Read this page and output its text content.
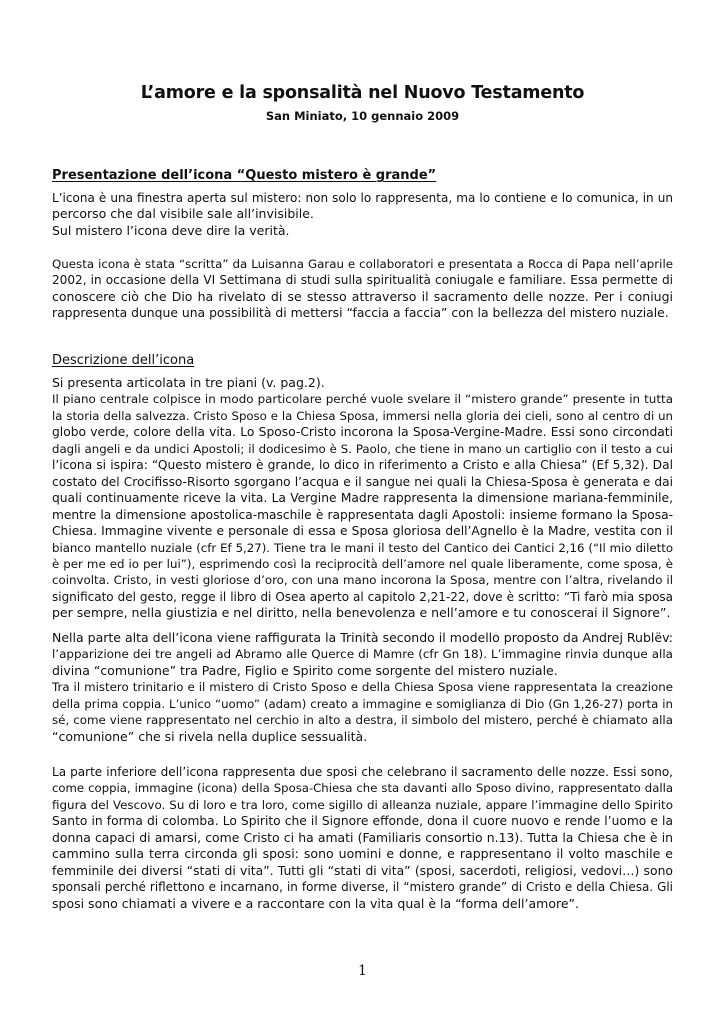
L’amore e la sponsalità nel Nuovo Testamento
San Miniato, 10 gennaio 2009
Presentazione dell’icona “Questo mistero è grande”
L’icona è una finestra aperta sul mistero: non solo lo rappresenta, ma lo contiene e lo comunica, in un
percorso che dal visibile sale all’invisibile.
Sul mistero l’icona deve dire la verità.
Questa icona è stata “scritta” da Luisanna Garau e collaboratori e presentata a Rocca di Papa nell’aprile
2002, in occasione della VI Settimana di studi sulla spiritualità coniugale e familiare. Essa permette di
conoscere ciò che Dio ha rivelato di se stesso attraverso il sacramento delle nozze. Per i coniugi
rappresenta dunque una possibilità di mettersi “faccia a faccia” con la bellezza del mistero nuziale.
Descrizione dell’icona
Si presenta articolata in tre piani (v. pag.2).
Il piano centrale colpisce in modo particolare perché vuole svelare il “mistero grande” presente in tutta
la storia della salvezza. Cristo Sposo e la Chiesa Sposa, immersi nella gloria dei cieli, sono al centro di un
globo verde, colore della vita. Lo Sposo-Cristo incorona la Sposa-Vergine-Madre. Essi sono circondati
dagli angeli e da undici Apostoli; il dodicesimo è S. Paolo, che tiene in mano un cartiglio con il testo a cui
l’icona si ispira: “Questo mistero è grande, lo dico in riferimento a Cristo e alla Chiesa” (Ef 5,32). Dal
costato del Crocifisso-Risorto sgorgano l’acqua e il sangue nei quali la Chiesa-Sposa è generata e dai
quali continuamente riceve la vita. La Vergine Madre rappresenta la dimensione mariana-femminile,
mentre la dimensione apostolica-maschile è rappresentata dagli Apostoli: insieme formano la Sposa-
Chiesa. Immagine vivente e personale di essa e Sposa gloriosa dell’Agnello è la Madre, vestita con il
bianco mantello nuziale (cfr Ef 5,27). Tiene tra le mani il testo del Cantico dei Cantici 2,16 (“Il mio diletto
è per me ed io per lui”), esprimendo così la reciprocità dell’amore nel quale liberamente, come sposa, è
coinvolta. Cristo, in vesti gloriose d’oro, con una mano incorona la Sposa, mentre con l’altra, rivelando il
significato del gesto, regge il libro di Osea aperto al capitolo 2,21-22, dove è scritto: “Ti farò mia sposa
per sempre, nella giustizia e nel diritto, nella benevolenza e nell’amore e tu conoscerai il Signore”.
Nella parte alta dell’icona viene raffigurata la Trinità secondo il modello proposto da Andrej Rublëv:
l’apparizione dei tre angeli ad Abramo alle Querce di Mamre (cfr Gn 18). L’immagine rinvia dunque alla
divina “comunione” tra Padre, Figlio e Spirito come sorgente del mistero nuziale.
Tra il mistero trinitario e il mistero di Cristo Sposo e della Chiesa Sposa viene rappresentata la creazione
della prima coppia. L’unico “uomo” (adam) creato a immagine e somiglianza di Dio (Gn 1,26-27) porta in
sé, come viene rappresentato nel cerchio in alto a destra, il simbolo del mistero, perché è chiamato alla
“comunione” che si rivela nella duplice sessualità.
La parte inferiore dell’icona rappresenta due sposi che celebrano il sacramento delle nozze. Essi sono,
come coppia, immagine (icona) della Sposa-Chiesa che sta davanti allo Sposo divino, rappresentato dalla
figura del Vescovo. Su di loro e tra loro, come sigillo di alleanza nuziale, appare l’immagine dello Spirito
Santo in forma di colomba. Lo Spirito che il Signore effonde, dona il cuore nuovo e rende l’uomo e la
donna capaci di amarsi, come Cristo ci ha amati (Familiaris consortio n.13). Tutta la Chiesa che è in
cammino sulla terra circonda gli sposi: sono uomini e donne, e rappresentano il volto maschile e
femminile dei diversi “stati di vita”. Tutti gli “stati di vita” (sposi, sacerdoti, religiosi, vedovi…) sono
sponsali perché riflettono e incarnano, in forme diverse, il “mistero grande” di Cristo e della Chiesa. Gli
sposi sono chiamati a vivere e a raccontare con la vita qual è la “forma dell’amore”.
1
